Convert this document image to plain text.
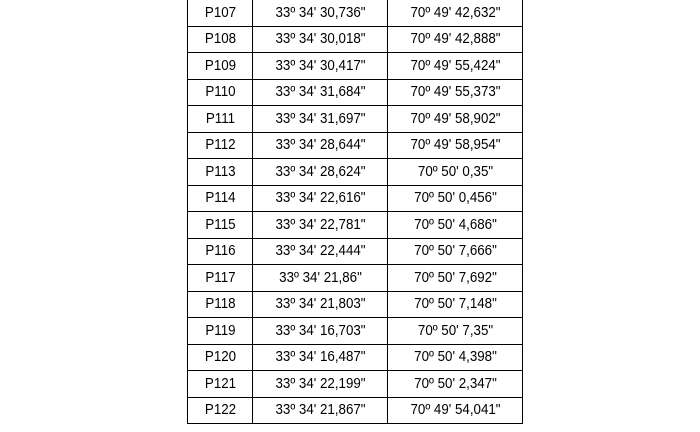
P107	33º 34' 30,736"	70º 49' 42,632"
P108	33º 34' 30,018"	70º 49' 42,888"
P109	33º 34' 30,417"	70º 49' 55,424"
P110	33º 34' 31,684"	70º 49' 55,373"
P111	33º 34' 31,697"	70º 49' 58,902"
P112	33º 34' 28,644"	70º 49' 58,954"
P113	33º 34' 28,624"	70º 50' 0,35"
P114	33º 34' 22,616"	70º 50' 0,456"
P115	33º 34' 22,781"	70º 50' 4,686"
P116	33º 34' 22,444"	70º 50' 7,666"
P117	33º 34' 21,86"	70º 50' 7,692"
P118	33º 34' 21,803"	70º 50' 7,148"
P119	33º 34' 16,703"	70º 50' 7,35"
P120	33º 34' 16,487"	70º 50' 4,398"
P121	33º 34' 22,199"	70º 50' 2,347"
P122	33º 34' 21,867"	70º 49' 54,041"
